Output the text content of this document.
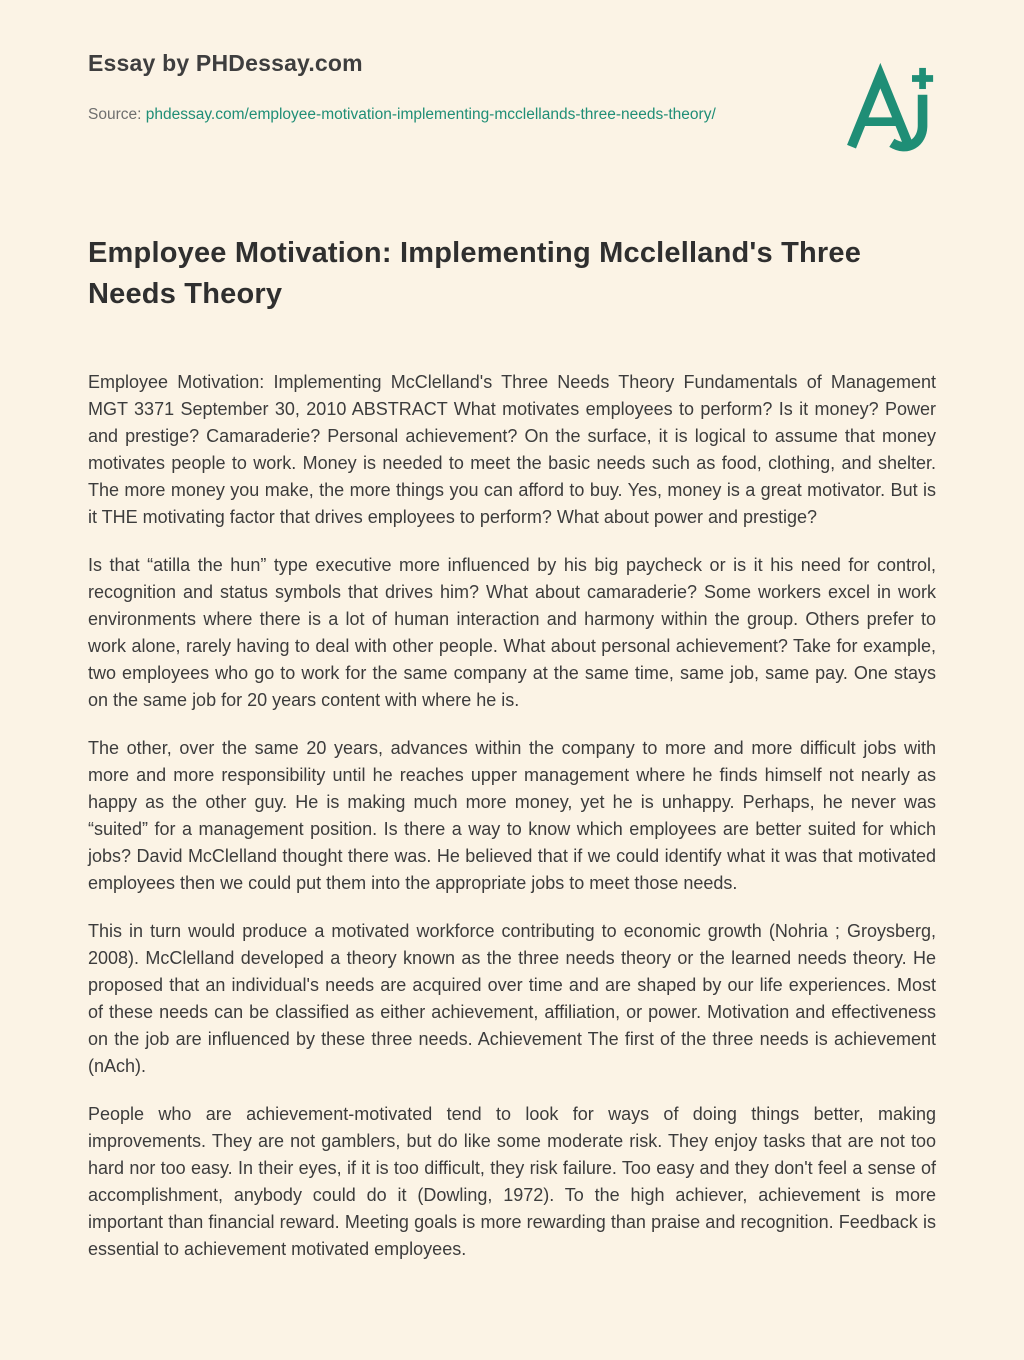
Essay by PHDessay.com
Source: phdessay.com/employee-motivation-implementing-mcclellands-three-needs-theory/
Employee Motivation: Implementing Mcclelland's Three Needs Theory

Employee Motivation: Implementing McClelland's Three Needs Theory Fundamentals of Management MGT 3371 September 30, 2010 ABSTRACT What motivates employees to perform? Is it money? Power and prestige? Camaraderie? Personal achievement? On the surface, it is logical to assume that money motivates people to work. Money is needed to meet the basic needs such as food, clothing, and shelter. The more money you make, the more things you can afford to buy. Yes, money is a great motivator. But is it THE motivating factor that drives employees to perform? What about power and prestige?

Is that “atilla the hun” type executive more influenced by his big paycheck or is it his need for control, recognition and status symbols that drives him? What about camaraderie? Some workers excel in work environments where there is a lot of human interaction and harmony within the group. Others prefer to work alone, rarely having to deal with other people. What about personal achievement? Take for example, two employees who go to work for the same company at the same time, same job, same pay. One stays on the same job for 20 years content with where he is.

The other, over the same 20 years, advances within the company to more and more difficult jobs with more and more responsibility until he reaches upper management where he finds himself not nearly as happy as the other guy. He is making much more money, yet he is unhappy. Perhaps, he never was “suited” for a management position. Is there a way to know which employees are better suited for which jobs? David McClelland thought there was. He believed that if we could identify what it was that motivated employees then we could put them into the appropriate jobs to meet those needs.

This in turn would produce a motivated workforce contributing to economic growth (Nohria ; Groysberg, 2008). McClelland developed a theory known as the three needs theory or the learned needs theory. He proposed that an individual's needs are acquired over time and are shaped by our life experiences. Most of these needs can be classified as either achievement, affiliation, or power. Motivation and effectiveness on the job are influenced by these three needs. Achievement The first of the three needs is achievement (nAch).

People who are achievement-motivated tend to look for ways of doing things better, making improvements. They are not gamblers, but do like some moderate risk. They enjoy tasks that are not too hard nor too easy. In their eyes, if it is too difficult, they risk failure. Too easy and they don't feel a sense of accomplishment, anybody could do it (Dowling, 1972). To the high achiever, achievement is more important than financial reward. Meeting goals is more rewarding than praise and recognition. Feedback is essential to achievement motivated employees.
